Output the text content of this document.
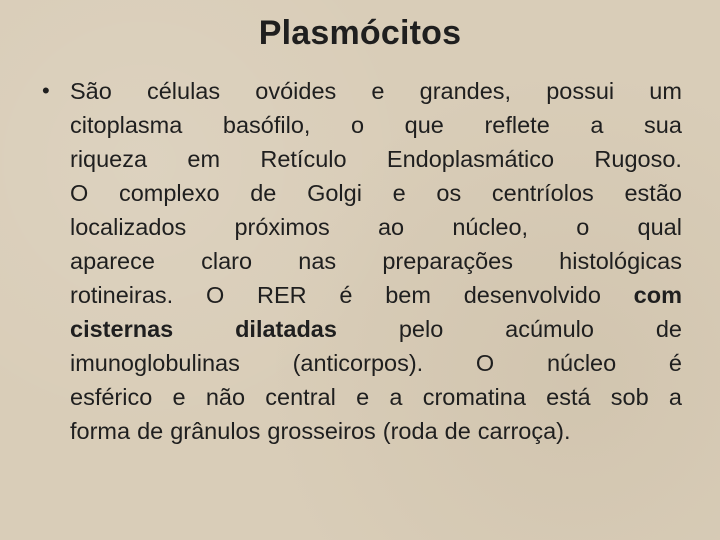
Plasmócitos
• São células ovóides e grandes, possui um
citoplasma basófilo, o que reflete a sua
riqueza em Retículo Endoplasmático Rugoso.
O complexo de Golgi e os centríolos estão
localizados próximos ao núcleo, o qual
aparece claro nas preparações histológicas
rotineiras. O RER é bem desenvolvido com
cisternas	dilatadas	pelo	acúmulo	de
imunoglobulinas (anticorpos). O núcleo é
esférico e não central e a cromatina está sob a
forma de grânulos grosseiros (roda de carroça).
